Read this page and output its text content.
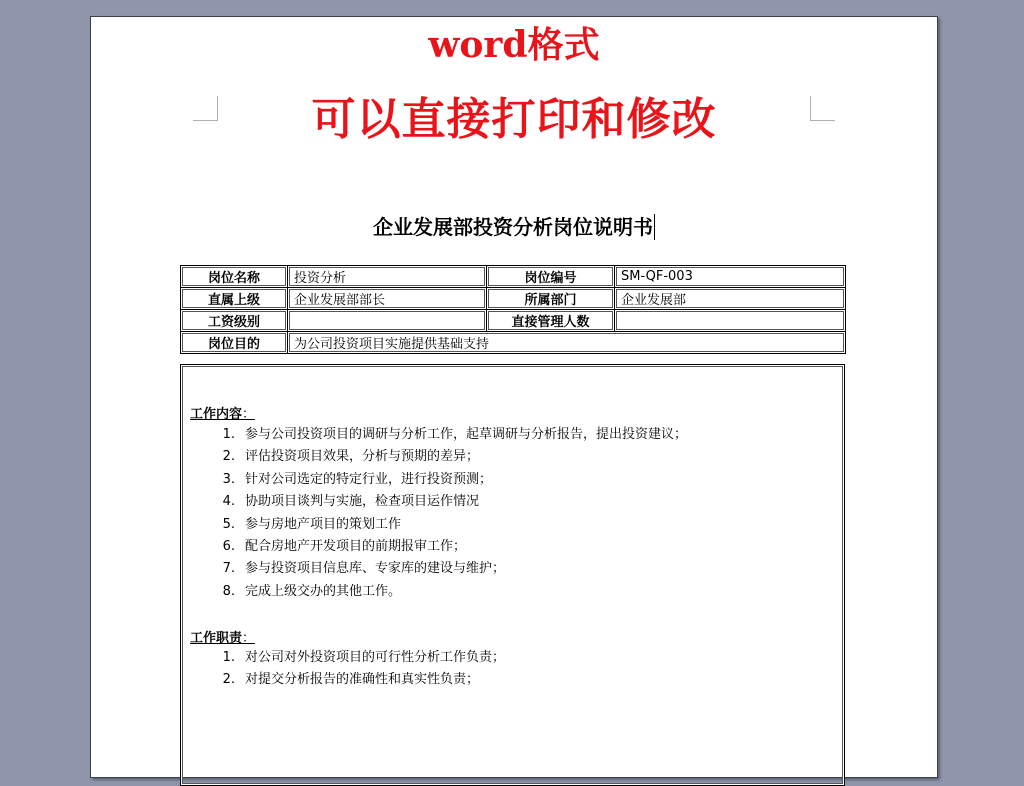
word格式
可以直接打印和修改
企业发展部投资分析岗位说明书
岗位名称	投资分析	岗位编号	SM-QF-003
直属上级	企业发展部部长	所属部门	企业发展部
工资级别		直接管理人数	
岗位目的	为公司投资项目实施提供基础支持		
工作内容：
1. 参与公司投资项目的调研与分析工作，起草调研与分析报告，提出投资建议；
2. 评估投资项目效果，分析与预期的差异；
3. 针对公司选定的特定行业，进行投资预测；
4. 协助项目谈判与实施，检查项目运作情况
5. 参与房地产项目的策划工作
6. 配合房地产开发项目的前期报审工作；
7. 参与投资项目信息库、专家库的建设与维护；
8. 完成上级交办的其他工作。
工作职责：
1. 对公司对外投资项目的可行性分析工作负责；
2. 对提交分析报告的准确性和真实性负责；
